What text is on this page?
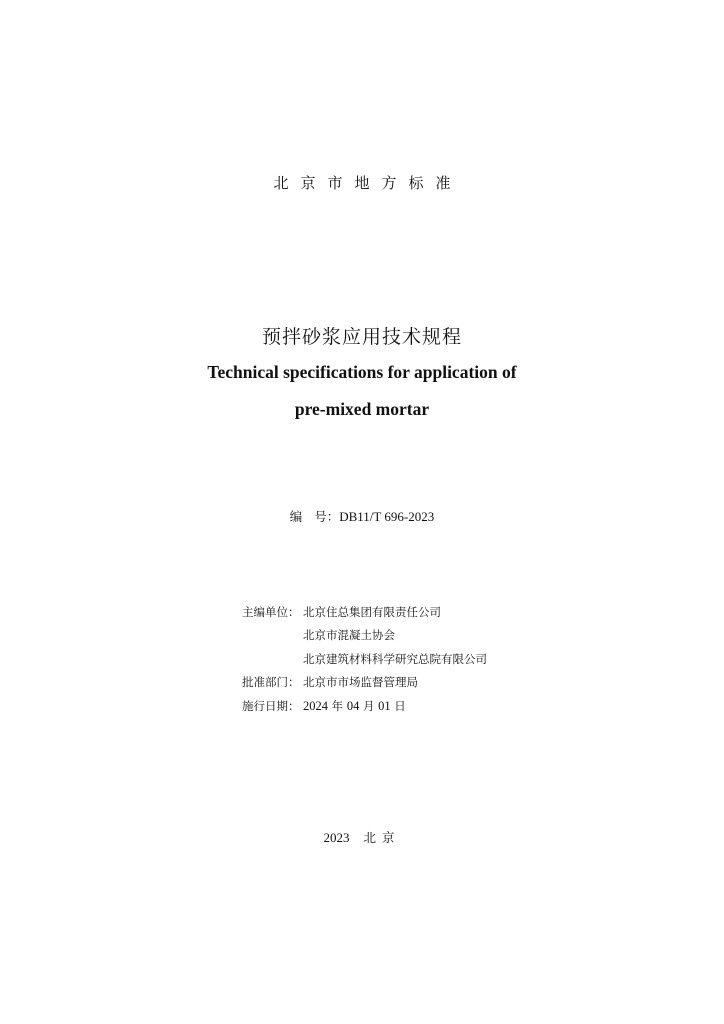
北京市地方标准
预拌砂浆应用技术规程
Technical specifications for application of
pre-mixed mortar
编   号：DB11/T 696-2023
主编单位： 北京住总集团有限责任公司
北京市混凝土协会
北京建筑材料科学研究总院有限公司
批准部门： 北京市市场监督管理局
施行日期： 2024 年 04 月 01 日
2023 北京
